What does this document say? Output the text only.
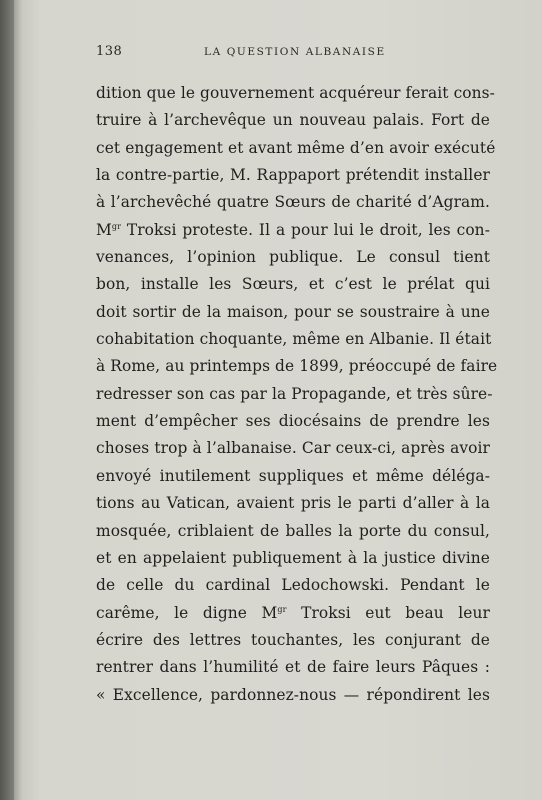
138	LA QUESTION ALBANAISE
dition que le gouvernement acquéreur ferait cons-
truire à l’archevêque un nouveau palais. Fort de
cet engagement et avant même d’en avoir exécuté
la contre-partie, M. Rappaport prétendit installer
à l’archevêché quatre Sœurs de charité d’Agram.
$M^{gr}$ Troksi proteste. Il a pour lui le droit, les con-
venances, l’opinion publique. Le consul tient
bon, installe les Sœurs, et c’est le prélat qui
doit sortir de la maison, pour se soustraire à une
cohabitation choquante, même en Albanie. Il était
à Rome, au printemps de 1899, préoccupé de faire
redresser son cas par la Propagande, et très sûre-
ment d’empêcher ses diocésains de prendre les
choses trop à l’albanaise. Car ceux-ci, après avoir
envoyé inutilement suppliques et même déléga-
tions au Vatican, avaient pris le parti d’aller à la
mosquée, criblaient de balles la porte du consul,
et en appelaient publiquement à la justice divine
de celle du cardinal Ledochowski. Pendant le
carême, le digne $M^{gr}$ Troksi eut beau leur
écrire des lettres touchantes, les conjurant de
rentrer dans l’humilité et de faire leurs Pâques :
« Excellence, pardonnez-nous — répondirent les
